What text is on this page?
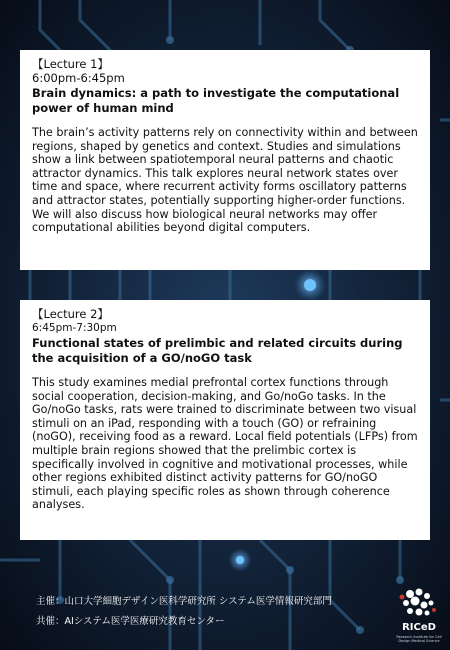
【Lecture 1】
6:00pm-6:45pm
Brain dynamics: a path to investigate the computational power of human mind
The brain’s activity patterns rely on connectivity within and between regions, shaped by genetics and context. Studies and simulations show a link between spatiotemporal neural patterns and chaotic attractor dynamics. This talk explores neural network states over time and space, where recurrent activity forms oscillatory patterns and attractor states, potentially supporting higher-order functions. We will also discuss how biological neural networks may offer computational abilities beyond digital computers.
【Lecture 2】
6:45pm-7:30pm
Functional states of prelimbic and related circuits during the acquisition of a GO/noGO task
This study examines medial prefrontal cortex functions through social cooperation, decision-making, and Go/noGo tasks. In the Go/noGo tasks, rats were trained to discriminate between two visual stimuli on an iPad, responding with a touch (GO) or refraining (noGO), receiving food as a reward. Local field potentials (LFPs) from multiple brain regions showed that the prelimbic cortex is specifically involved in cognitive and motivational processes, while other regions exhibited distinct activity patterns for GO/noGO stimuli, each playing specific roles as shown through coherence analyses.
主催：山口大学細胞デザイン医科学研究所 システム医学情報研究部門
共催：AIシステム医学医療研究教育センター
RICeD
Research Institute for Cell Design Medical Science
